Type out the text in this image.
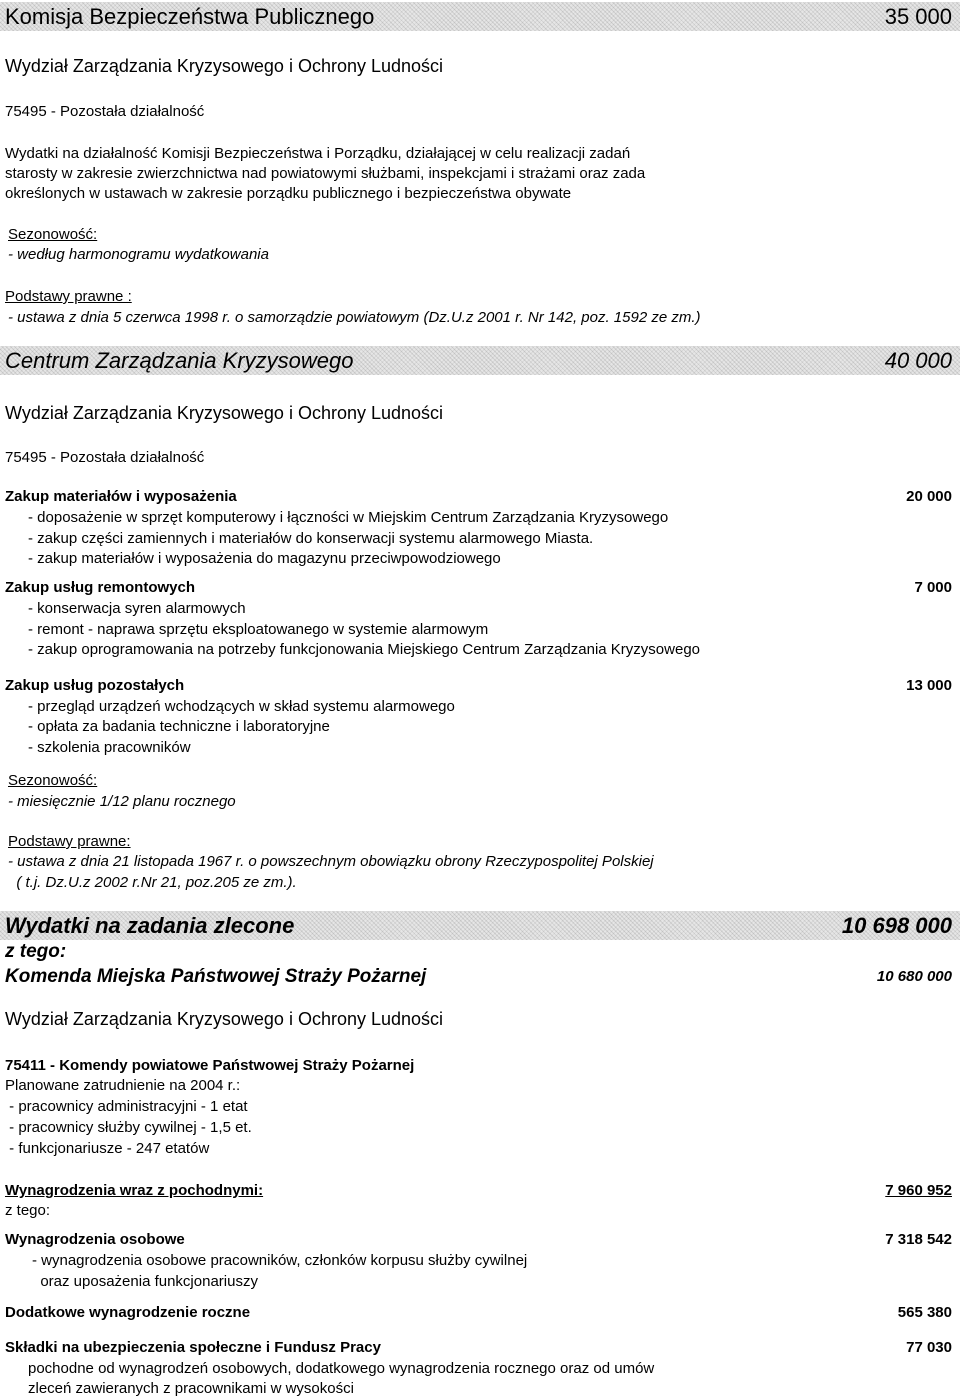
Komisja Bezpieczeństwa Publicznego	35 000
Wydział Zarządzania Kryzysowego i Ochrony Ludności
75495 - Pozostała działalność
Wydatki na działalność Komisji Bezpieczeństwa i Porządku, działającej w celu realizacji zadań
starosty w zakresie zwierzchnictwa nad powiatowymi służbami, inspekcjami i strażami oraz zada
określonych w ustawach w zakresie porządku publicznego i bezpieczeństwa obywate
Sezonowość:
- według harmonogramu wydatkowania
Podstawy prawne :
- ustawa z dnia 5 czerwca 1998 r. o samorządzie powiatowym (Dz.U.z 2001 r. Nr 142, poz. 1592 ze zm.)
Centrum Zarządzania Kryzysowego	40 000
Wydział Zarządzania Kryzysowego i Ochrony Ludności
75495 - Pozostała działalność
Zakup materiałów i wyposażenia	20 000
- doposażenie w sprzęt komputerowy i łączności w Miejskim Centrum Zarządzania Kryzysowego
- zakup części zamiennych i materiałów do konserwacji systemu alarmowego Miasta.
- zakup materiałów i wyposażenia do magazynu przeciwpowodziowego
Zakup usług remontowych	7 000
- konserwacja syren alarmowych
- remont - naprawa sprzętu eksploatowanego w systemie alarmowym
- zakup oprogramowania na potrzeby funkcjonowania Miejskiego Centrum Zarządzania Kryzysowego
Zakup usług pozostałych	13 000
- przegląd urządzeń wchodzących w skład systemu alarmowego
- opłata za badania techniczne i laboratoryjne
- szkolenia pracowników
Sezonowość:
- miesięcznie 1/12 planu rocznego
Podstawy prawne:
- ustawa z dnia 21 listopada 1967 r. o powszechnym obowiązku obrony Rzeczypospolitej Polskiej
( t.j. Dz.U.z 2002 r.Nr 21, poz.205 ze zm.).
Wydatki na zadania zlecone	10 698 000
z tego:
Komenda Miejska Państwowej Straży Pożarnej	10 680 000
Wydział Zarządzania Kryzysowego i Ochrony Ludności
75411 - Komendy powiatowe Państwowej Straży Pożarnej
Planowane zatrudnienie na 2004 r.:
- pracownicy administracyjni - 1 etat
- pracownicy służby cywilnej - 1,5 et.
- funkcjonariusze - 247 etatów
Wynagrodzenia wraz z pochodnymi:	7 960 952
z tego:
Wynagrodzenia osobowe	7 318 542
- wynagrodzenia osobowe pracowników, członków korpusu służby cywilnej
oraz uposażenia funkcjonariuszy
Dodatkowe wynagrodzenie roczne	565 380
Składki na ubezpieczenia społeczne i Fundusz Pracy	77 030
pochodne od wynagrodzeń osobowych, dodatkowego wynagrodzenia rocznego oraz od umów
zleceń zawieranych z pracownikami w wysokości
